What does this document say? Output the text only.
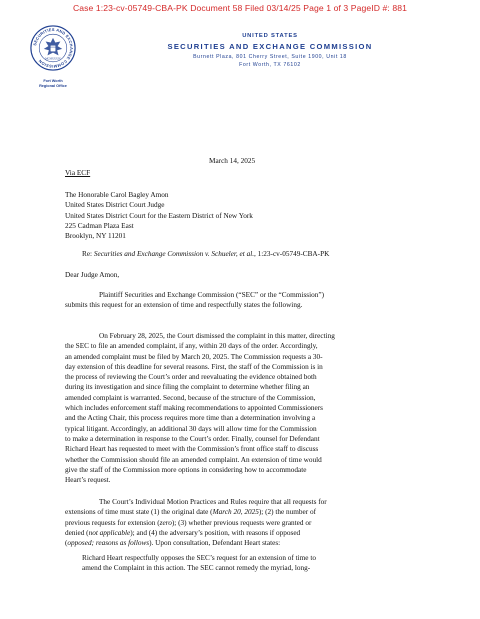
Case 1:23-cv-05749-CBA-PK Document 58 Filed 03/14/25 Page 1 of 3 PageID #: 881
SECURITIES AND EXCHANGE COMMISSION MCMXXXIV
Fort Worth
Regional Office
UNITED STATES
SECURITIES AND EXCHANGE COMMISSION
Burnett Plaza, 801 Cherry Street, Suite 1900, Unit 18
Fort Worth, TX 76102
March 14, 2025
Via ECF
The Honorable Carol Bagley Amon
United States District Court Judge
United States District Court for the Eastern District of New York
225 Cadman Plaza East
Brooklyn, NY 11201
Re: Securities and Exchange Commission v. Schueler, et al., 1:23-cv-05749-CBA-PK
Dear Judge Amon,
Plaintiff Securities and Exchange Commission (“SEC” or the “Commission”)
submits this request for an extension of time and respectfully states the following.
On February 28, 2025, the Court dismissed the complaint in this matter, directing
the SEC to file an amended complaint, if any, within 20 days of the order. Accordingly,
an amended complaint must be filed by March 20, 2025. The Commission requests a 30-
day extension of this deadline for several reasons. First, the staff of the Commission is in
the process of reviewing the Court’s order and reevaluating the evidence obtained both
during its investigation and since filing the complaint to determine whether filing an
amended complaint is warranted. Second, because of the structure of the Commission,
which includes enforcement staff making recommendations to appointed Commissioners
and the Acting Chair, this process requires more time than a determination involving a
typical litigant. Accordingly, an additional 30 days will allow time for the Commission
to make a determination in response to the Court’s order. Finally, counsel for Defendant
Richard Heart has requested to meet with the Commission’s front office staff to discuss
whether the Commission should file an amended complaint. An extension of time would
give the staff of the Commission more options in considering how to accommodate
Heart’s request.
The Court’s Individual Motion Practices and Rules require that all requests for
extensions of time must state (1) the original date (March 20, 2025); (2) the number of
previous requests for extension (zero); (3) whether previous requests were granted or
denied (not applicable); and (4) the adversary’s position, with reasons if opposed
(opposed; reasons as follows). Upon consultation, Defendant Heart states:
Richard Heart respectfully opposes the SEC’s request for an extension of time to
amend the Complaint in this action. The SEC cannot remedy the myriad, long-
